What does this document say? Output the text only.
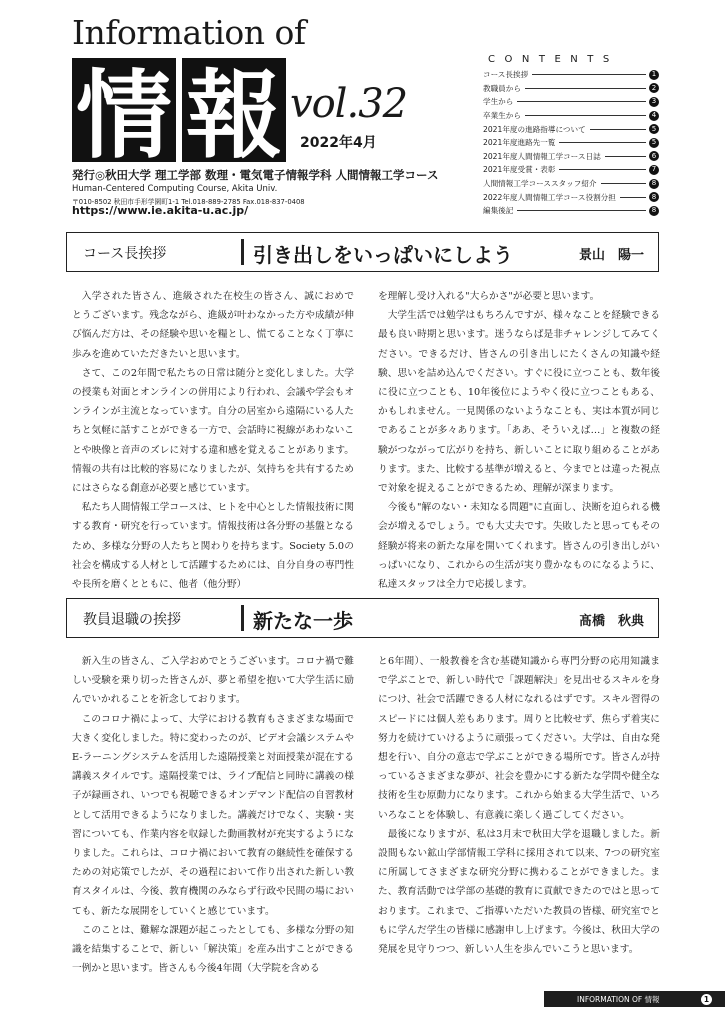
Information of
情 報 vol.32
2022年4月
発行◎秋田大学 理工学部 数理・電気電子情報学科 人間情報工学コース
Human-Centered Computing Course, Akita Univ.
〒010-8502 秋田市手形学園町1-1 Tel.018-889-2785 Fax.018-837-0408
https://www.ie.akita-u.ac.jp/
CONTENTS
コース長挨拶	1
教職員から	2
学生から	3
卒業生から	4
2021年度の進路指導について	5
2021年度進路先一覧	5
2021年度人間情報工学コース日誌	6
2021年度受賞・表彰	7
人間情報工学コーススタッフ紹介	8
2022年度人間情報工学コース役割分担	8
編集後記	8
コース長挨拶	引き出しをいっぱいにしよう	景山　陽一

入学された皆さん、進級された在校生の皆さん、誠におめでとうございます。残念ながら、進級が叶わなかった方や成績が伸び悩んだ方は、その経験や思いを糧とし、慌てることなく丁寧に歩みを進めていただきたいと思います。

さて、この2年間で私たちの日常は随分と変化しました。大学の授業も対面とオンラインの併用により行われ、会議や学会もオンラインが主流となっています。自分の居室から遠隔にいる人たちと気軽に話すことができる一方で、会話時に視線があわないことや映像と音声のズレに対する違和感を覚えることがあります。情報の共有は比較的容易になりましたが、気持ちを共有するためにはさらなる創意が必要と感じています。

私たち人間情報工学コースは、ヒトを中心とした情報技術に関する教育・研究を行っています。情報技術は各分野の基盤となるため、多様な分野の人たちと関わりを持ちます。Society 5.0の社会を構成する人材として活躍するためには、自分自身の専門性や長所を磨くとともに、他者（他分野）

を理解し受け入れる"大らかさ"が必要と思います。

大学生活では勉学はもちろんですが、様々なことを経験できる最も良い時期と思います。迷うならば是非チャレンジしてみてください。できるだけ、皆さんの引き出しにたくさんの知識や経験、思いを詰め込んでください。すぐに役に立つことも、数年後に役に立つことも、10年後位にようやく役に立つこともある、かもしれません。一見関係のないようなことも、実は本質が同じであることが多々あります。「ああ、そういえば…」と複数の経験がつながって広がりを持ち、新しいことに取り組めることがあります。また、比較する基準が増えると、今までとは違った視点で対象を捉えることができるため、理解が深まります。

今後も"解のない・未知なる問題"に直面し、決断を迫られる機会が増えるでしょう。でも大丈夫です。失敗したと思ってもその経験が将来の新たな扉を開いてくれます。皆さんの引き出しがいっぱいになり、これからの生活が実り豊かなものになるように、私達スタッフは全力で応援します。

教員退職の挨拶	新たな一歩	髙橋　秋典

新入生の皆さん、ご入学おめでとうございます。コロナ禍で難しい受験を乗り切った皆さんが、夢と希望を抱いて大学生活に励んでいかれることを祈念しております。

このコロナ禍によって、大学における教育もさまざまな場面で大きく変化しました。特に変わったのが、ビデオ会議システムやE-ラーニングシステムを活用した遠隔授業と対面授業が混在する講義スタイルです。遠隔授業では、ライブ配信と同時に講義の様子が録画され、いつでも視聴できるオンデマンド配信の自習教材として活用できるようになりました。講義だけでなく、実験・実習についても、作業内容を収録した動画教材が充実するようになりました。これらは、コロナ禍において教育の継続性を確保するための対応策でしたが、その過程において作り出された新しい教育スタイルは、今後、教育機関のみならず行政や民間の場においても、新たな展開をしていくと感じています。

このことは、難解な課題が起こったとしても、多様な分野の知識を結集することで、新しい「解決策」を産み出すことができる一例かと思います。皆さんも今後4年間（大学院を含める

と6年間）、一般教養を含む基礎知識から専門分野の応用知識まで学ぶことで、新しい時代で「課題解決」を見出せるスキルを身につけ、社会で活躍できる人材になれるはずです。スキル習得のスピードには個人差もあります。周りと比較せず、焦らず着実に努力を続けていけるように頑張ってください。大学は、自由な発想を行い、自分の意志で学ぶことができる場所です。皆さんが持っているさまざまな夢が、社会を豊かにする新たな学問や健全な技術を生む原動力になります。これから始まる大学生活で、いろいろなことを体験し、有意義に楽しく過ごしてください。

最後になりますが、私は3月末で秋田大学を退職しました。新設間もない鉱山学部情報工学科に採用されて以来、7つの研究室に所属してさまざまな研究分野に携わることができました。また、教育活動では学部の基礎的教育に貢献できたのではと思っております。これまで、ご指導いただいた教員の皆様、研究室でともに学んだ学生の皆様に感謝申し上げます。今後は、秋田大学の発展を見守りつつ、新しい人生を歩んでいこうと思います。

INFORMATION OF 情報	1
